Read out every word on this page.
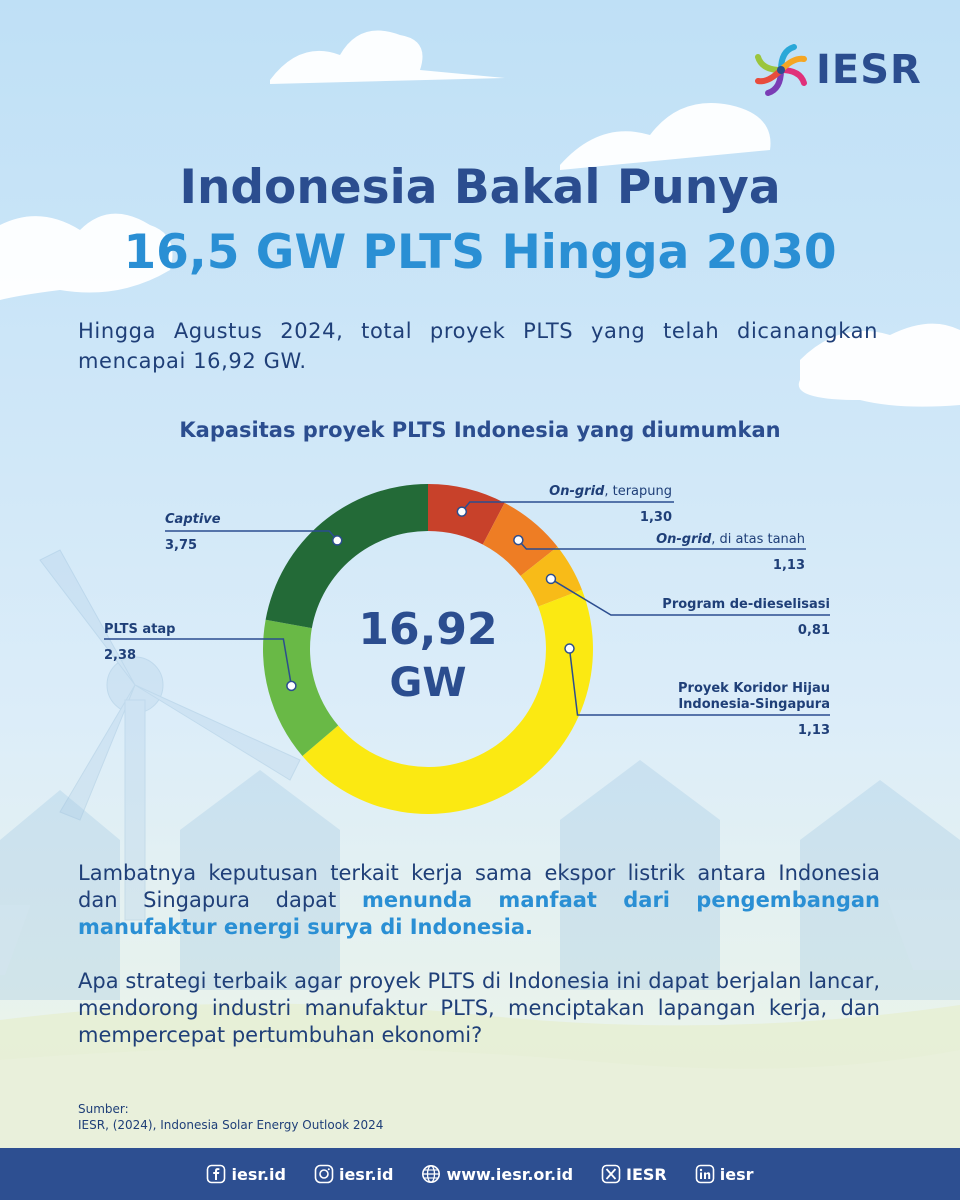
IESR
Indonesia Bakal Punya
16,5 GW PLTS Hingga 2030
Hingga Agustus 2024, total proyek PLTS yang telah dicanangkan mencapai 16,92 GW.
Kapasitas proyek PLTS Indonesia yang diumumkan
On-grid, terapung
1,30
On-grid, di atas tanah
1,13
Program de-dieselisasi
0,81
Proyek Koridor Hijau
Indonesia-Singapura
1,13
PLTS atap
2,38
Captive
3,75
16,92
GW
Lambatnya keputusan terkait kerja sama ekspor listrik antara Indonesia dan Singapura dapat menunda manfaat dari pengembangan manufaktur energi surya di Indonesia.
Apa strategi terbaik agar proyek PLTS di Indonesia ini dapat berjalan lancar, mendorong industri manufaktur PLTS, menciptakan lapangan kerja, dan mempercepat pertumbuhan ekonomi?
Sumber:
IESR, (2024), Indonesia Solar Energy Outlook 2024
iesr.id	iesr.id	www.iesr.or.id	IESR	iesr
